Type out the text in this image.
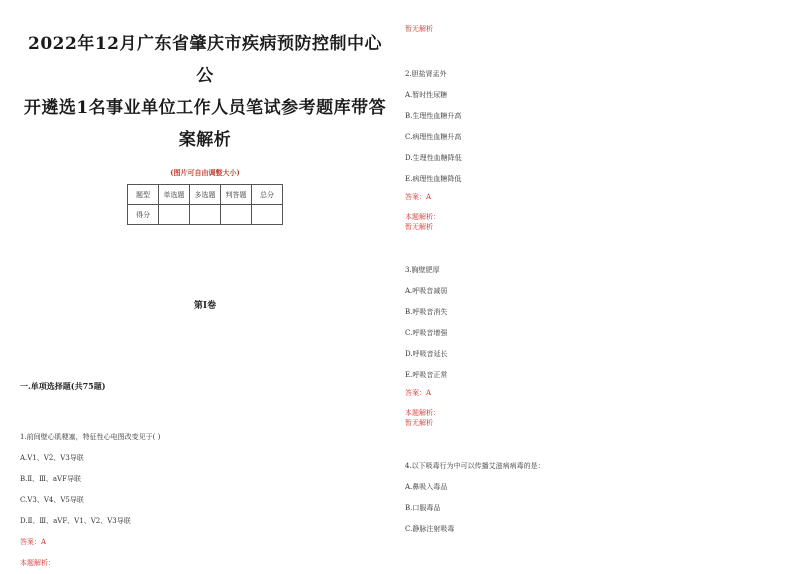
2022年12月广东省肇庆市疾病预防控制中心公
开遴选1名事业单位工作人员笔试参考题库带答
案解析
(图片可自由调整大小)
题型	单选题	多选题	判答题	总分
得分				
第I卷
一.单项选择题(共75题)
1.前间壁心肌梗塞，特征性心电图改变见于( )
A.V1、V2、V3导联
B.Ⅱ、Ⅲ、aVF导联
C.V3、V4、V5导联
D.Ⅱ、Ⅲ、aVF、V1、V2、V3导联
答案：A
本题解析：
暂无解析
2.胆盐肾盂外
A.暂时性尿糖
B.生理性血糖升高
C.病理性血糖升高
D.生理性血糖降低
E.病理性血糖降低
答案：A
本题解析：
暂无解析
3.胸壁肥厚
A.呼吸音减弱
B.呼吸音消失
C.呼吸音增强
D.呼吸音延长
E.呼吸音正常
答案：A
本题解析：
暂无解析
4.以下吸毒行为中可以传播艾滋病病毒的是：
A.鼻吸入毒品
B.口服毒品
C.静脉注射吸毒
